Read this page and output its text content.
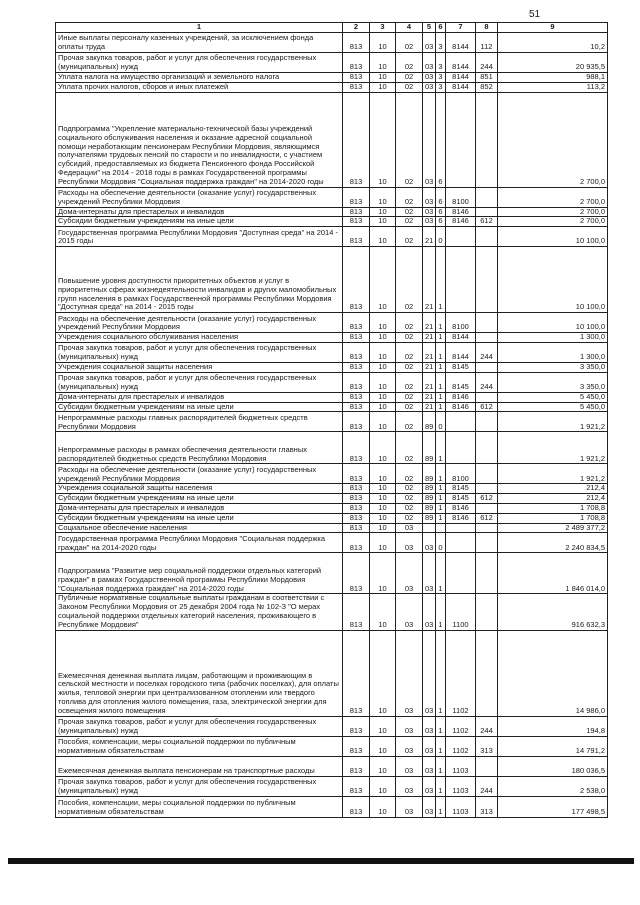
51
1	2	3	4	5	6	7	8	9
Иные выплаты персоналу казенных учреждений, за исключением фонда оплаты труда	813	10	02	03	3	8144	112	10,2
Прочая закупка товаров, работ и услуг для обеспечения государственных (муниципальных) нужд	813	10	02	03	3	8144	244	20 935,5
Уплата налога на имущество организаций и земельного налога	813	10	02	03	3	8144	851	988,1
Уплата прочих налогов, сборов и иных платежей	813	10	02	03	3	8144	852	113,2
Подпрограмма "Укрепление материально-технической базы учреждений социального обслуживания населения и оказание адресной социальной помощи неработающим пенсионерам Республики Мордовия, являющимся получателями трудовых пенсий по старости и по инвалидности, с участием субсидий, предоставляемых из бюджета Пенсионного фонда Российской Федерации" на 2014 - 2018 годы в рамках Государственной программы Республики Мордовия "Социальная поддержка граждан" на 2014-2020 годы	813	10	02	03	6			2 700,0
Расходы на обеспечение деятельности (оказание услуг) государственных учреждений Республики Мордовия	813	10	02	03	6	8100		2 700,0
Дома-интернаты для престарелых и инвалидов	813	10	02	03	6	8146		2 700,0
Субсидии бюджетным учреждениям на иные цели	813	10	02	03	6	8146	612	2 700,0
Государственная программа Республики Мордовия "Доступная среда" на 2014 - 2015 годы	813	10	02	21	0			10 100,0
Повышение уровня доступности приоритетных объектов и услуг в приоритетных сферах жизнедеятельности инвалидов и других маломобильных групп населения в рамках Государственной программы Республики Мордовия "Доступная среда" на 2014 - 2015 годы	813	10	02	21	1			10 100,0
Расходы на обеспечение деятельности (оказание услуг) государственных учреждений Республики Мордовия	813	10	02	21	1	8100		10 100,0
Учреждения социального обслуживания населения	813	10	02	21	1	8144		1 300,0
Прочая закупка товаров, работ и услуг для обеспечения государственных (муниципальных) нужд	813	10	02	21	1	8144	244	1 300,0
Учреждения социальной защиты населения	813	10	02	21	1	8145		3 350,0
Прочая закупка товаров, работ и услуг для обеспечения государственных (муниципальных) нужд	813	10	02	21	1	8145	244	3 350,0
Дома-интернаты для престарелых и инвалидов	813	10	02	21	1	8146		5 450,0
Субсидии бюджетным учреждениям на иные цели	813	10	02	21	1	8146	612	5 450,0
Непрограммные расходы главных распорядителей бюджетных средств Республики Мордовия	813	10	02	89	0			1 921,2
Непрограммные расходы в рамках обеспечения деятельности главных распорядителей бюджетных средств Республики Мордовия	813	10	02	89	1			1 921,2
Расходы на обеспечение деятельности (оказание услуг) государственных учреждений Республики Мордовия	813	10	02	89	1	8100		1 921,2
Учреждения социальной защиты населения	813	10	02	89	1	8145		212,4
Субсидии бюджетным учреждениям на иные цели	813	10	02	89	1	8145	612	212,4
Дома-интернаты для престарелых и инвалидов	813	10	02	89	1	8146		1 708,8
Субсидии бюджетным учреждениям на иные цели	813	10	02	89	1	8146	612	1 708,8
Социальное обеспечение населения	813	10	03					2 489 377,2
Государственная программа Республики Мордовия "Социальная поддержка граждан" на 2014-2020 годы	813	10	03	03	0			2 240 834,5
Подпрограмма "Развитие мер социальной поддержки отдельных категорий граждан" в рамках Государственной программы Республики Мордовия "Социальная поддержка граждан" на 2014-2020 годы	813	10	03	03	1			1 846 014,0
Публичные нормативные социальные выплаты гражданам в соответствии с Законом Республики Мордовия от 25 декабря 2004 года № 102-З "О мерах социальной поддержки отдельных категорий населения, проживающего в Республике Мордовия"	813	10	03	03	1	1100		916 632,3
Ежемесячная денежная выплата лицам, работающим и проживающим в сельской местности и поселках городского типа (рабочих поселках), для оплаты жилья, тепловой энергии при централизованном отоплении или твердого топлива для отопления жилого помещения, газа, электрической энергии для освещения жилого помещения	813	10	03	03	1	1102		14 986,0
Прочая закупка товаров, работ и услуг для обеспечения государственных (муниципальных) нужд	813	10	03	03	1	1102	244	194,8
Пособия, компенсации, меры социальной поддержки по публичным нормативным обязательствам	813	10	03	03	1	1102	313	14 791,2
Ежемесячная денежная выплата пенсионерам на транспортные расходы	813	10	03	03	1	1103		180 036,5
Прочая закупка товаров, работ и услуг для обеспечения государственных (муниципальных) нужд	813	10	03	03	1	1103	244	2 538,0
Пособия, компенсации, меры социальной поддержки по публичным нормативным обязательствам	813	10	03	03	1	1103	313	177 498,5
